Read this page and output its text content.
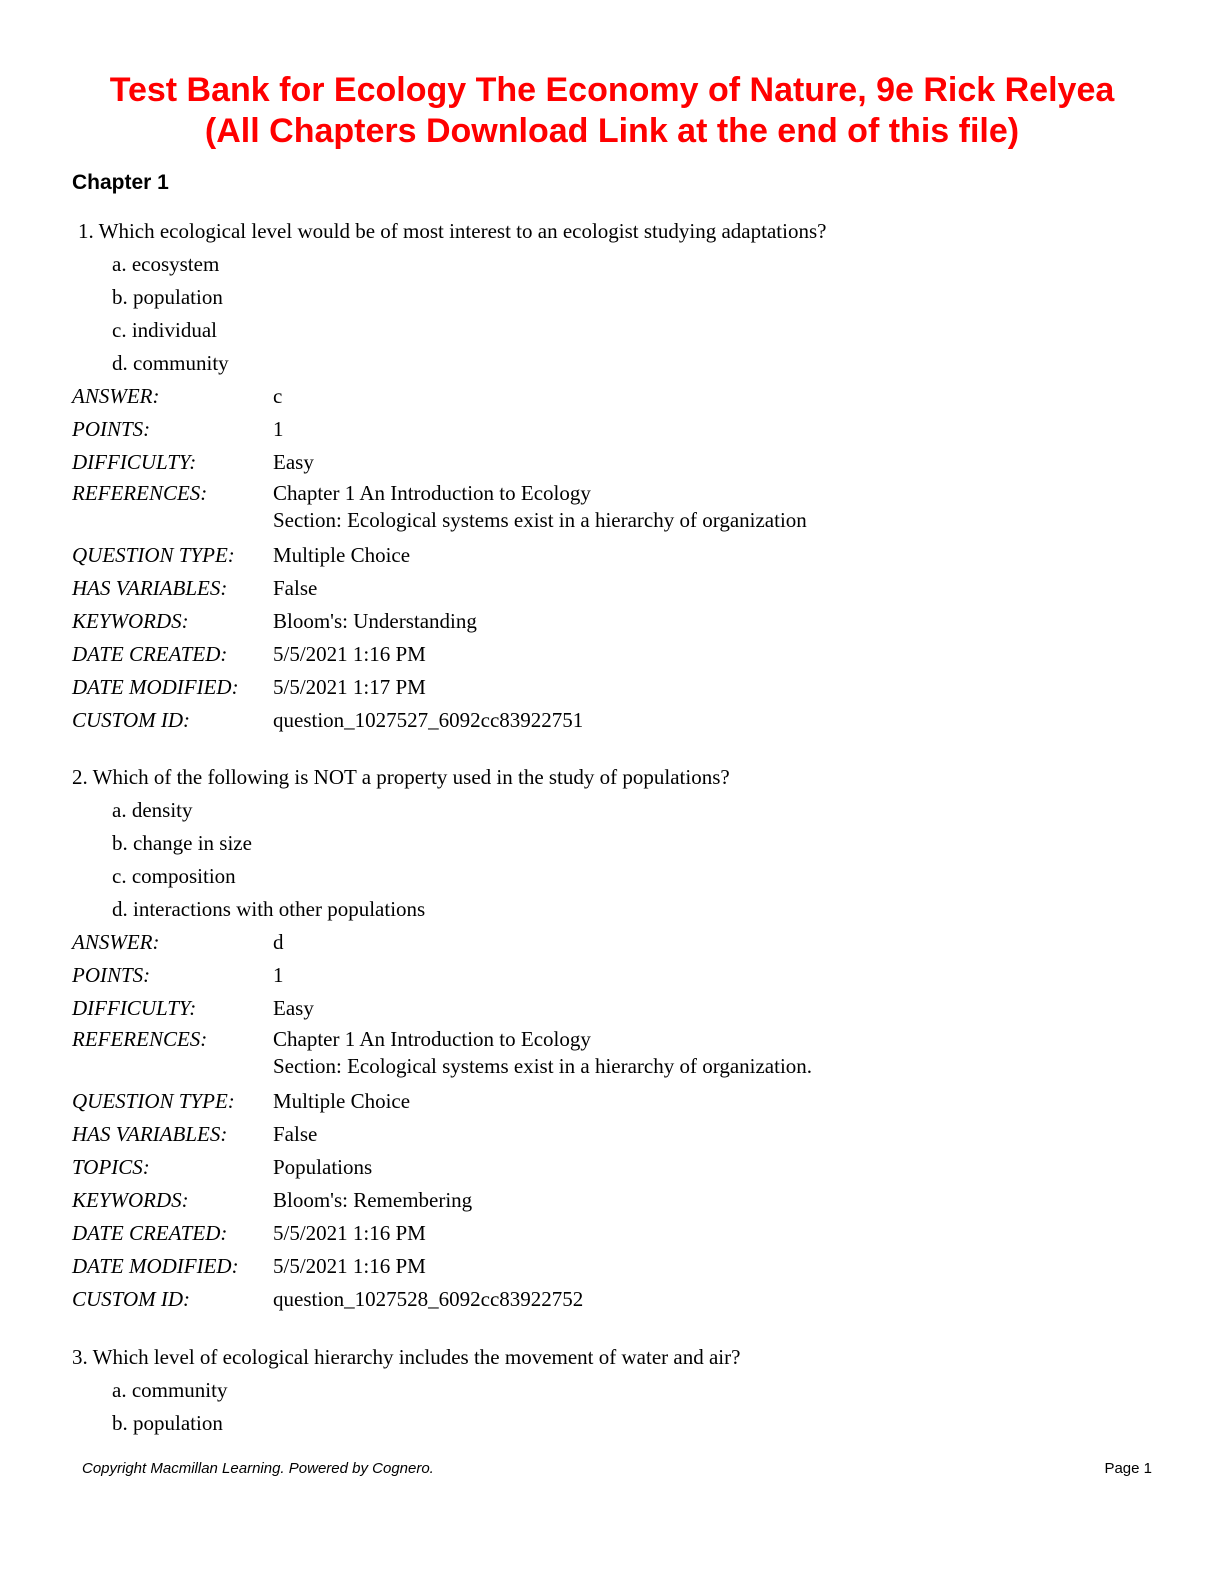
Test Bank for Ecology The Economy of Nature, 9e Rick Relyea
(All Chapters Download Link at the end of this file)
Chapter 1
1. Which ecological level would be of most interest to an ecologist studying adaptations?
a. ecosystem
b. population
c. individual
d. community
ANSWER:	c
POINTS:	1
DIFFICULTY:	Easy
REFERENCES:	Chapter 1 An Introduction to Ecology
Section: Ecological systems exist in a hierarchy of organization
QUESTION TYPE:	Multiple Choice
HAS VARIABLES:	False
KEYWORDS:	Bloom's: Understanding
DATE CREATED:	5/5/2021 1:16 PM
DATE MODIFIED:	5/5/2021 1:17 PM
CUSTOM ID:	question_1027527_6092cc83922751
2. Which of the following is NOT a property used in the study of populations?
a. density
b. change in size
c. composition
d. interactions with other populations
ANSWER:	d
POINTS:	1
DIFFICULTY:	Easy
REFERENCES:	Chapter 1 An Introduction to Ecology
Section: Ecological systems exist in a hierarchy of organization.
QUESTION TYPE:	Multiple Choice
HAS VARIABLES:	False
TOPICS:	Populations
KEYWORDS:	Bloom's: Remembering
DATE CREATED:	5/5/2021 1:16 PM
DATE MODIFIED:	5/5/2021 1:16 PM
CUSTOM ID:	question_1027528_6092cc83922752
3. Which level of ecological hierarchy includes the movement of water and air?
a. community
b. population
Copyright Macmillan Learning. Powered by Cognero.	Page 1
